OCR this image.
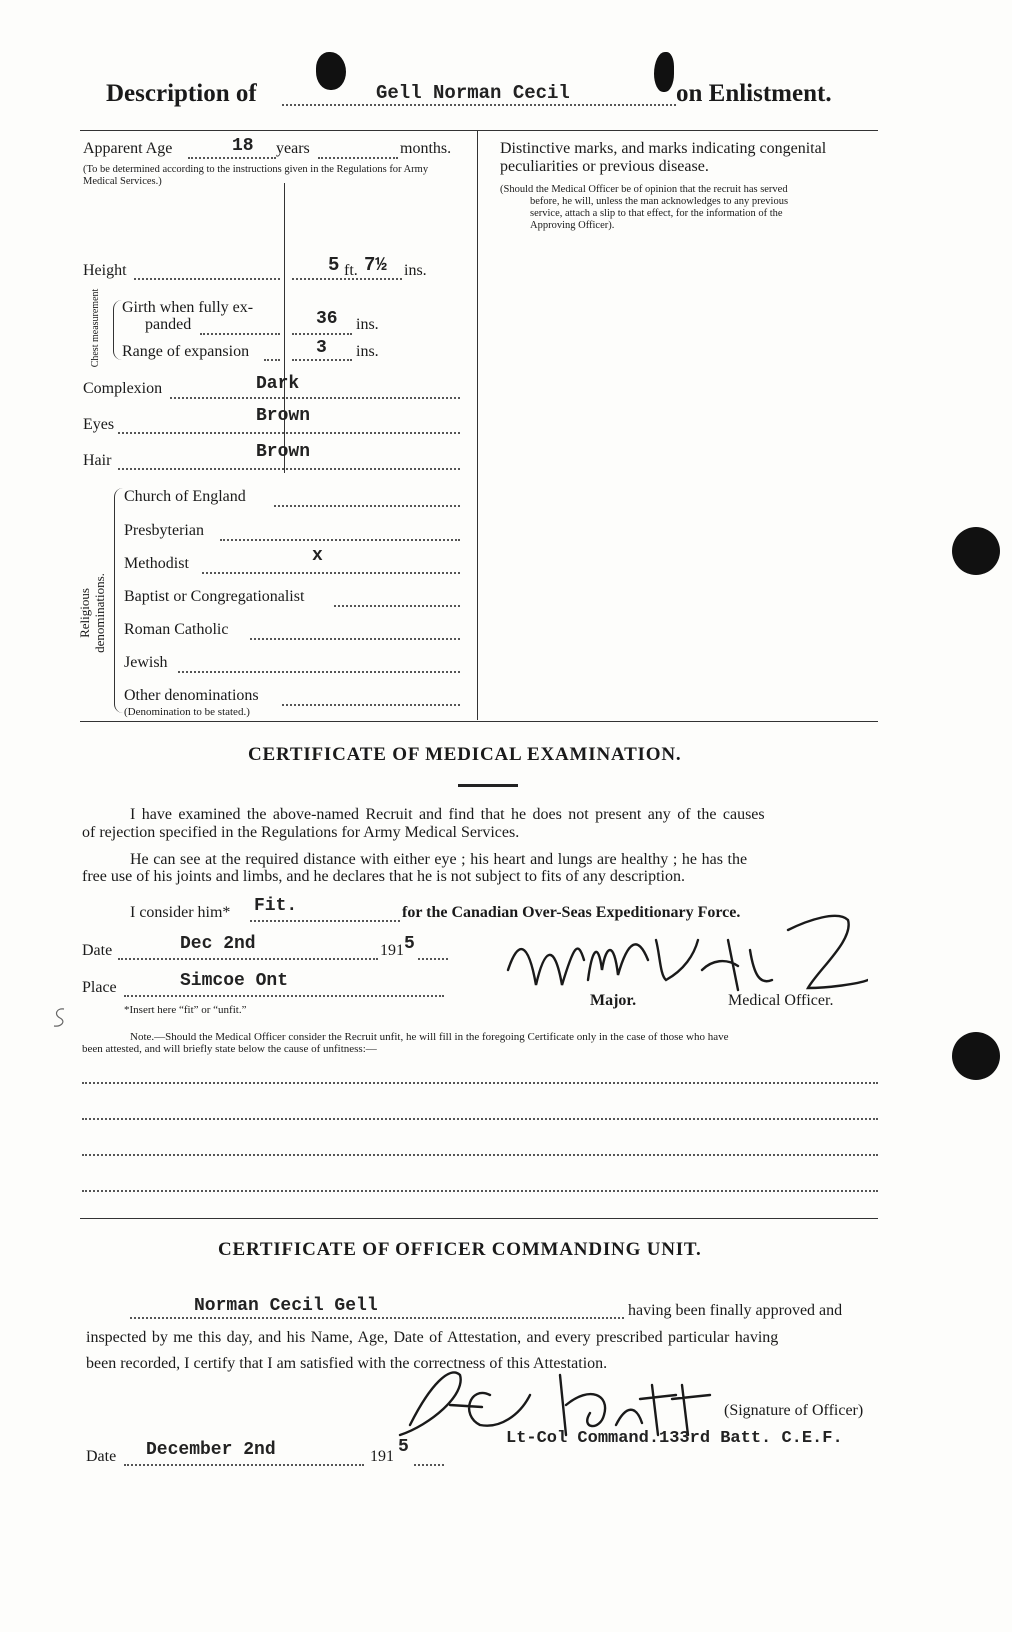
Description of	Gell Norman Cecil	on Enlistment.
Apparent Age	18 years	months.
(To be determined according to the instructions given in the Regulations for Army Medical Services.)
Height	5 ft. 7½ ins.
Chest measurement Girth when fully ex-
panded	36 ins.
Range of expansion	3 ins.
Complexion	Dark
Eyes	Brown
Hair	Brown
Religious denominations.
Church of England
Presbyterian
Methodist	x
Baptist or Congregationalist
Roman Catholic
Jewish
Other denominations
(Denomination to be stated.)
Distinctive marks, and marks indicating congenital
peculiarities or previous disease.
(Should the Medical Officer be of opinion that the recruit has served
before, he will, unless the man acknowledges to any previous
service, attach a slip to that effect, for the information of the
Approving Officer).
CERTIFICATE OF MEDICAL EXAMINATION.
I have examined the above-named Recruit and find that he does not present any of the causes
of rejection specified in the Regulations for Army Medical Services.
He can see at the required distance with either eye ; his heart and lungs are healthy ; he has the
free use of his joints and limbs, and he declares that he is not subject to fits of any description.
I consider him* Fit.	for the Canadian Over-Seas Expeditionary Force.
Date	Dec 2nd	191 5
Place	Simcoe Ont
*Insert here “fit” or “unfit.”
Major.	Medical Officer.
Note.—Should the Medical Officer consider the Recruit unfit, he will fill in the foregoing Certificate only in the case of those who have
been attested, and will briefly state below the cause of unfitness:—
CERTIFICATE OF OFFICER COMMANDING UNIT.
Norman Cecil Gell	having been finally approved and
inspected by me this day, and his Name, Age, Date of Attestation, and every prescribed particular having
been recorded, I certify that I am satisfied with the correctness of this Attestation.
(Signature of Officer)
Date December 2nd	191 5	Lt-Col Command.133rd Batt. C.E.F.
